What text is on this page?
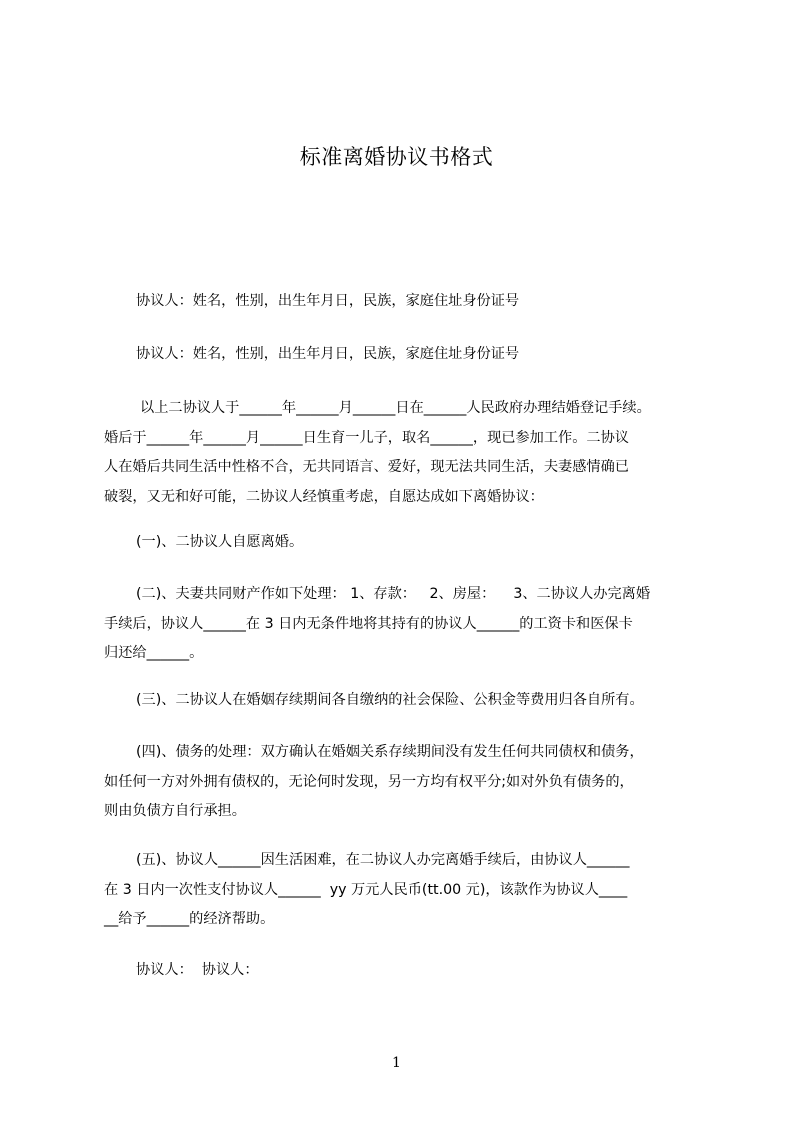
标准离婚协议书格式
协议人：姓名，性别，出生年月日，民族，家庭住址身份证号
协议人：姓名，性别，出生年月日，民族，家庭住址身份证号
以上二协议人于______年______月______日在______人民政府办理结婚登记手续。
婚后于______年______月______日生育一儿子，取名______，现已参加工作。二协议
人在婚后共同生活中性格不合，无共同语言、爱好，现无法共同生活，夫妻感情确已
破裂，又无和好可能，二协议人经慎重考虑，自愿达成如下离婚协议：
(一)、二协议人自愿离婚。
(二)、夫妻共同财产作如下处理： 1、存款：   2、房屋：    3、二协议人办完离婚
手续后，协议人______在 3 日内无条件地将其持有的协议人______的工资卡和医保卡
归还给______。
(三)、二协议人在婚姻存续期间各自缴纳的社会保险、公积金等费用归各自所有。
(四)、债务的处理：双方确认在婚姻关系存续期间没有发生任何共同债权和债务，
如任何一方对外拥有债权的，无论何时发现，另一方均有权平分;如对外负有债务的，
则由负债方自行承担。
(五)、协议人______因生活困难，在二协议人办完离婚手续后，由协议人______
在 3 日内一次性支付协议人______  yy 万元人民币(tt.00 元)，该款作为协议人____
__给予______的经济帮助。
协议人：  协议人：
1
